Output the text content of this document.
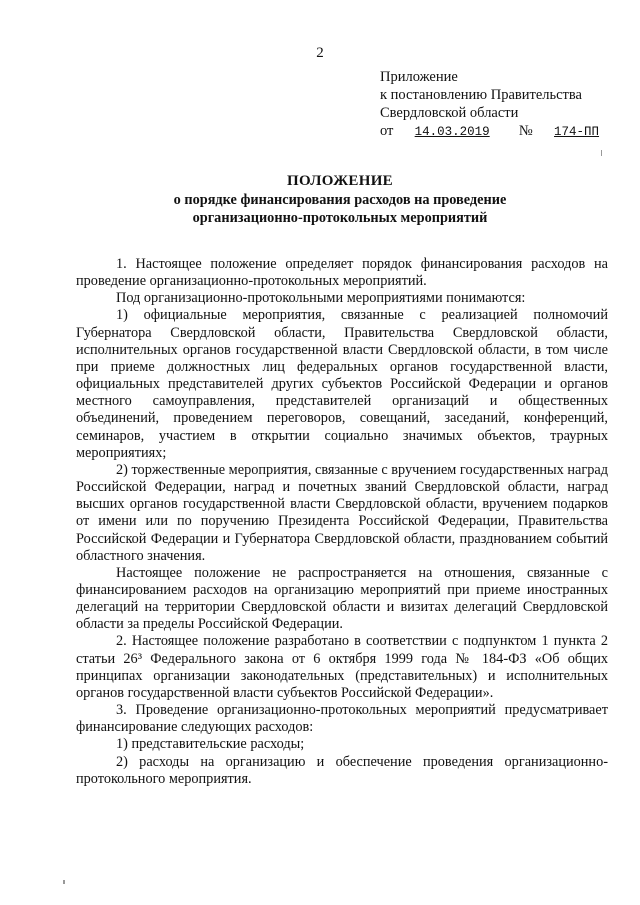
2
Приложение
к постановлению Правительства
Свердловской области
от 14.03.2019 № 174-ПП
ПОЛОЖЕНИЕ
о порядке финансирования расходов на проведение
организационно-протокольных мероприятий

1. Настоящее положение определяет порядок финансирования расходов на проведение организационно-протокольных мероприятий.

Под организационно-протокольными мероприятиями понимаются:

1) официальные мероприятия, связанные с реализацией полномочий Губернатора Свердловской области, Правительства Свердловской области, исполнительных органов государственной власти Свердловской области, в том числе при приеме должностных лиц федеральных органов государственной власти, официальных представителей других субъектов Российской Федерации и органов местного самоуправления, представителей организаций и общественных объединений, проведением переговоров, совещаний, заседаний, конференций, семинаров, участием в открытии социально значимых объектов, траурных мероприятиях;

2) торжественные мероприятия, связанные с вручением государственных наград Российской Федерации, наград и почетных званий Свердловской области, наград высших органов государственной власти Свердловской области, вручением подарков от имени или по поручению Президента Российской Федерации, Правительства Российской Федерации и Губернатора Свердловской области, празднованием событий областного значения.

Настоящее положение не распространяется на отношения, связанные с финансированием расходов на организацию мероприятий при приеме иностранных делегаций на территории Свердловской области и визитах делегаций Свердловской области за пределы Российской Федерации.

2. Настоящее положение разработано в соответствии с подпунктом 1 пункта 2 статьи 26³ Федерального закона от 6 октября 1999 года № 184-ФЗ «Об общих принципах организации законодательных (представительных) и исполнительных органов государственной власти субъектов Российской Федерации».

3. Проведение организационно-протокольных мероприятий предусматривает финансирование следующих расходов:

1) представительские расходы;

2) расходы на организацию и обеспечение проведения организационно-протокольного мероприятия.
